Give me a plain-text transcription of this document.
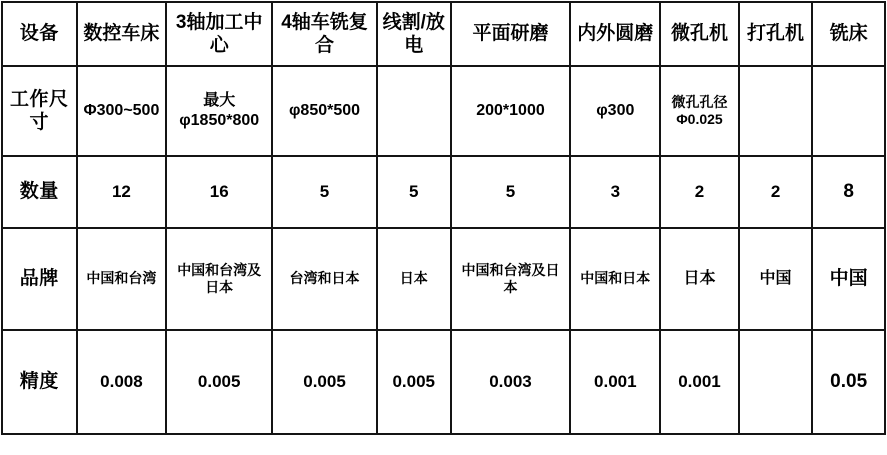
设备	数控车床	3轴加工中心	4轴车铣复合	线割/放电	平面研磨	内外圆磨	微孔机	打孔机	铣床
工作尺寸	Φ300~500	最大φ1850*800	φ850*500		200*1000	φ300	微孔孔径Φ0.025		
数量	12	16	5	5	5	3	2	2	8
品牌	中国和台湾	中国和台湾及日本	台湾和日本	日本	中国和台湾及日本	中国和日本	日本	中国	中国
精度	0.008	0.005	0.005	0.005	0.003	0.001	0.001		0.05
